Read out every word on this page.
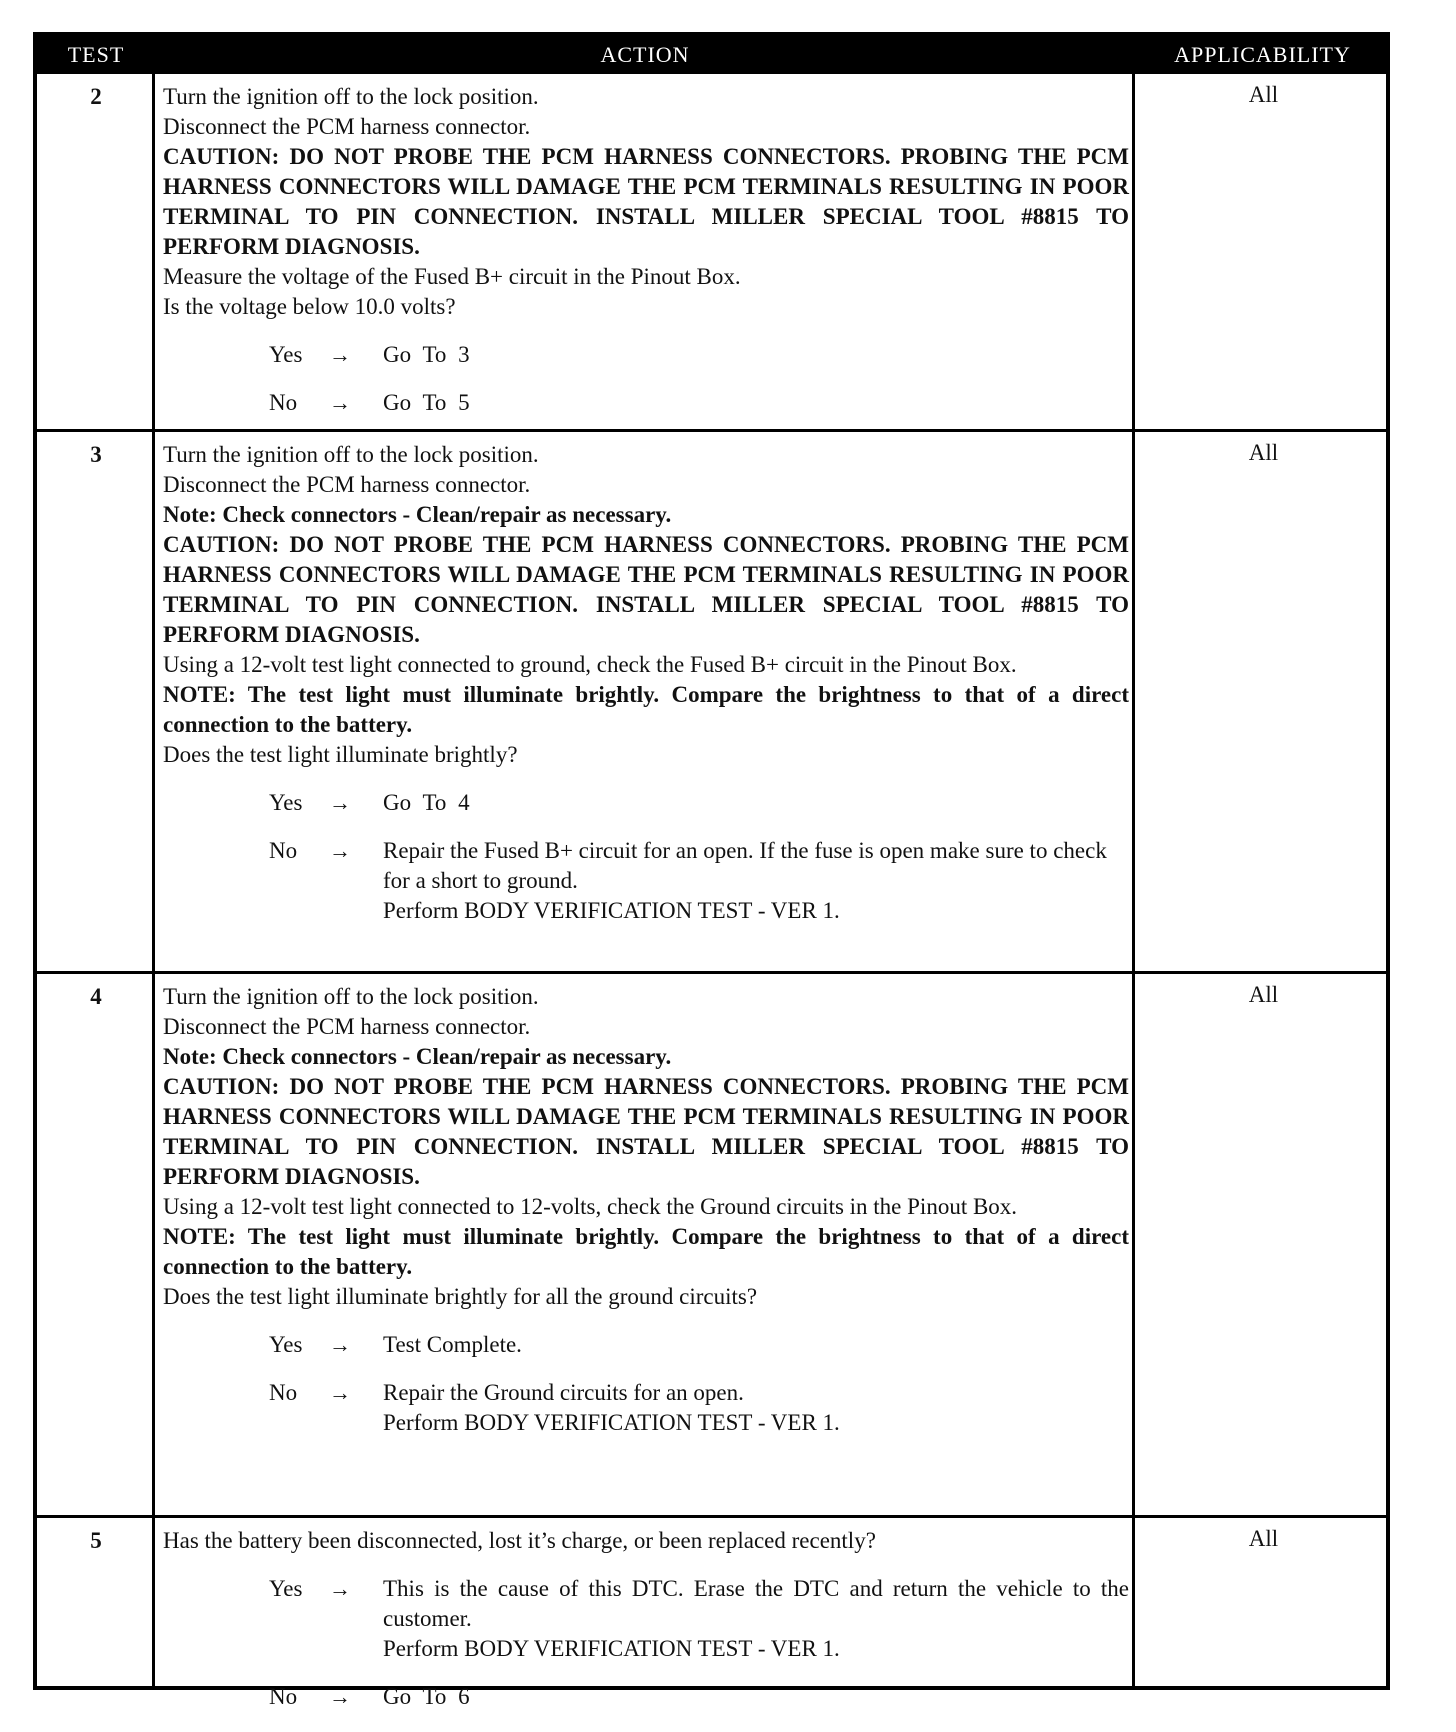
TEST	ACTION	APPLICABILITY
2	Turn the ignition off to the lock position.

Disconnect the PCM harness connector.

CAUTION: DO NOT PROBE THE PCM HARNESS CONNECTORS. PROBING THE PCM HARNESS CONNECTORS WILL DAMAGE THE PCM TERMINALS RESULTING IN POOR TERMINAL TO PIN CONNECTION. INSTALL MILLER SPECIAL TOOL #8815 TO PERFORM DIAGNOSIS.

Measure the voltage of the Fused B+ circuit in the Pinout Box.

Is the voltage below 10.0 volts?

Yes	→	Go To 3
No	→	Go To 5
All
3	Turn the ignition off to the lock position.

Disconnect the PCM harness connector.

Note: Check connectors - Clean/repair as necessary.

CAUTION: DO NOT PROBE THE PCM HARNESS CONNECTORS. PROBING THE PCM HARNESS CONNECTORS WILL DAMAGE THE PCM TERMINALS RESULTING IN POOR TERMINAL TO PIN CONNECTION. INSTALL MILLER SPECIAL TOOL #8815 TO PERFORM DIAGNOSIS.

Using a 12-volt test light connected to ground, check the Fused B+ circuit in the Pinout Box.

NOTE: The test light must illuminate brightly. Compare the brightness to that of a direct connection to the battery.

Does the test light illuminate brightly?

Yes	→	Go To 4
No	→	Repair the Fused B+ circuit for an open. If the fuse is open make sure to check for a short to ground.
Perform BODY VERIFICATION TEST - VER 1.
All
4	Turn the ignition off to the lock position.

Disconnect the PCM harness connector.

Note: Check connectors - Clean/repair as necessary.

CAUTION: DO NOT PROBE THE PCM HARNESS CONNECTORS. PROBING THE PCM HARNESS CONNECTORS WILL DAMAGE THE PCM TERMINALS RESULTING IN POOR TERMINAL TO PIN CONNECTION. INSTALL MILLER SPECIAL TOOL #8815 TO PERFORM DIAGNOSIS.

Using a 12-volt test light connected to 12-volts, check the Ground circuits in the Pinout Box.

NOTE: The test light must illuminate brightly. Compare the brightness to that of a direct connection to the battery.

Does the test light illuminate brightly for all the ground circuits?

Yes	→	Test Complete.
No	→	Repair the Ground circuits for an open.
Perform BODY VERIFICATION TEST - VER 1.
All
5	Has the battery been disconnected, lost it’s charge, or been replaced recently?

Yes	→	This is the cause of this DTC. Erase the DTC and return the vehicle to the customer.
Perform BODY VERIFICATION TEST - VER 1.
No	→	Go To 6
All
